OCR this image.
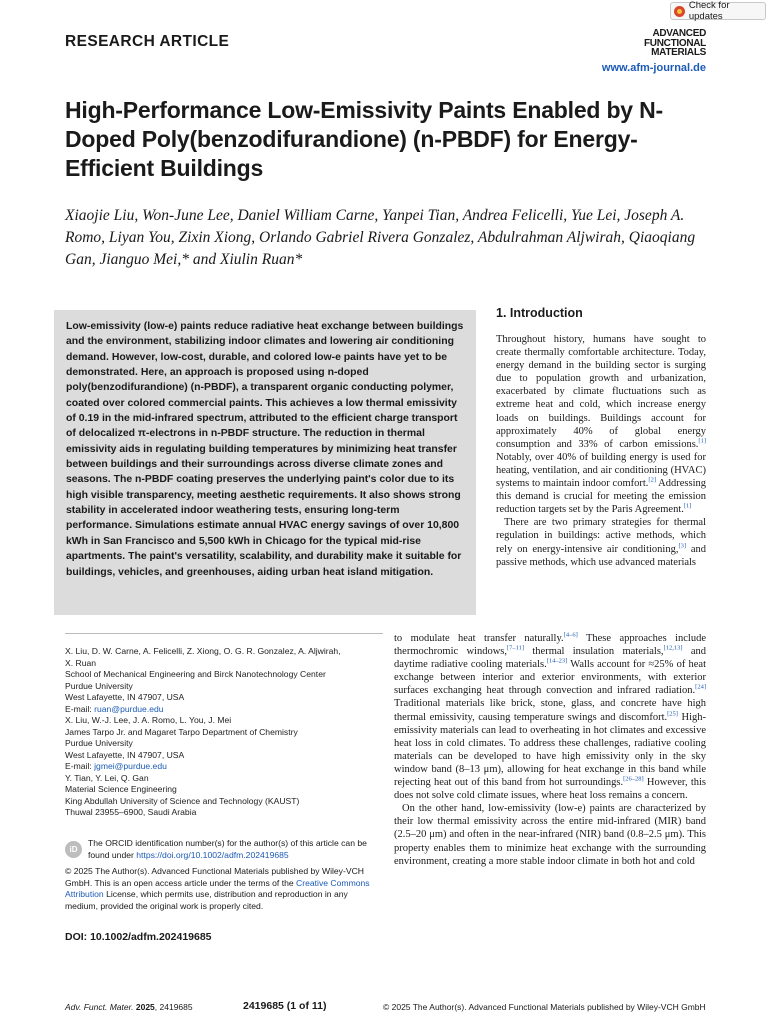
Check for updates
RESEARCH ARTICLE	ADVANCED
FUNCTIONAL
MATERIALS
www.afm-journal.de
High-Performance Low-Emissivity Paints Enabled by N-Doped Poly(benzodifurandione) (n-PBDF) for Energy-Efficient Buildings
Xiaojie Liu, Won-June Lee, Daniel William Carne, Yanpei Tian, Andrea Felicelli, Yue Lei, Joseph A. Romo, Liyan You, Zixin Xiong, Orlando Gabriel Rivera Gonzalez, Abdulrahman Aljwirah, Qiaoqiang Gan, Jianguo Mei,* and Xiulin Ruan*
Low-emissivity (low-e) paints reduce radiative heat exchange between buildings and the environment, stabilizing indoor climates and lowering air conditioning demand. However, low-cost, durable, and colored low-e paints have yet to be demonstrated. Here, an approach is proposed using n-doped poly(benzodifurandione) (n-PBDF), a transparent organic conducting polymer, coated over colored commercial paints. This achieves a low thermal emissivity of 0.19 in the mid-infrared spectrum, attributed to the efficient charge transport of delocalized π-electrons in n-PBDF structure. The reduction in thermal emissivity aids in regulating building temperatures by minimizing heat transfer between buildings and their surroundings across diverse climate zones and seasons. The n-PBDF coating preserves the underlying paint's color due to its high visible transparency, meeting aesthetic requirements. It also shows strong stability in accelerated indoor weathering tests, ensuring long-term performance. Simulations estimate annual HVAC energy savings of over 10,800 kWh in San Francisco and 5,500 kWh in Chicago for the typical mid-rise apartments. The paint's versatility, scalability, and durability make it suitable for buildings, vehicles, and greenhouses, aiding urban heat island mitigation.
1. Introduction

Throughout history, humans have sought to create thermally comfortable architecture. Today, energy demand in the building sector is surging due to population growth and urbanization, exacerbated by climate fluctuations such as extreme heat and cold, which increase energy loads on buildings. Buildings account for approximately 40% of global energy consumption and 33% of carbon emissions.[1] Notably, over 40% of building energy is used for heating, ventilation, and air conditioning (HVAC) systems to maintain indoor comfort.[2] Addressing this demand is crucial for meeting the emission reduction targets set by the Paris Agreement.[1]

There are two primary strategies for thermal regulation in buildings: active methods, which rely on energy-intensive air conditioning,[3] and passive methods, which use advanced materials

to modulate heat transfer naturally.[4–6] These approaches include thermochromic windows,[7–11] thermal insulation materials,[12,13] and daytime radiative cooling materials.[14–23] Walls account for ≈25% of heat exchange between interior and exterior environments, with exterior surfaces exchanging heat through convection and infrared radiation.[24] Traditional materials like brick, stone, glass, and concrete have high thermal emissivity, causing temperature swings and discomfort.[25] High-emissivity materials can lead to overheating in hot climates and excessive heat loss in cold climates. To address these challenges, radiative cooling materials can be developed to have high emissivity only in the sky window band (8–13 μm), allowing for heat exchange in this band while rejecting heat out of this band from hot surroundings.[26–28] However, this does not solve cold climate issues, where heat loss remains a concern.

On the other hand, low-emissivity (low-e) paints are characterized by their low thermal emissivity across the entire mid-infrared (MIR) band (2.5–20 μm) and often in the near-infrared (NIR) band (0.8–2.5 μm). This property enables them to minimize heat exchange with the surrounding environment, creating a more stable indoor climate in both hot and cold

X. Liu, D. W. Carne, A. Felicelli, Z. Xiong, O. G. R. Gonzalez, A. Aljwirah,
X. Ruan
School of Mechanical Engineering and Birck Nanotechnology Center
Purdue University
West Lafayette, IN 47907, USA
E-mail: ruan@purdue.edu
X. Liu, W.-J. Lee, J. A. Romo, L. You, J. Mei
James Tarpo Jr. and Magaret Tarpo Department of Chemistry
Purdue University
West Lafayette, IN 47907, USA
E-mail: jgmei@purdue.edu
Y. Tian, Y. Lei, Q. Gan
Material Science Engineering
King Abdullah University of Science and Technology (KAUST)
Thuwal 23955–6900, Saudi Arabia
iD
The ORCID identification number(s) for the author(s) of this article can be found under https://doi.org/10.1002/adfm.202419685
© 2025 The Author(s). Advanced Functional Materials published by Wiley-VCH GmbH. This is an open access article under the terms of the Creative Commons Attribution License, which permits use, distribution and reproduction in any medium, provided the original work is properly cited.
DOI: 10.1002/adfm.202419685
Adv. Funct. Mater. 2025, 2419685	2419685 (1 of 11)	© 2025 The Author(s). Advanced Functional Materials published by Wiley-VCH GmbH
